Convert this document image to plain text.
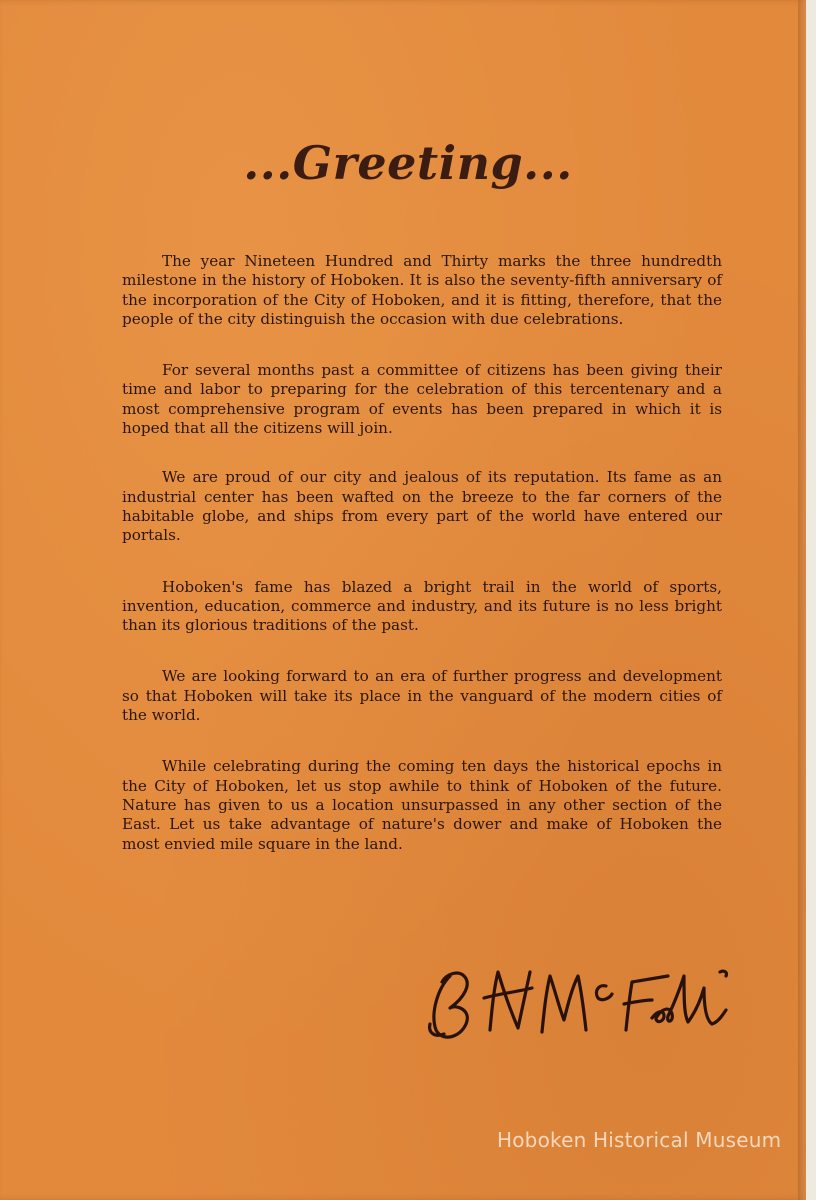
...Greeting...

The year Nineteen Hundred and Thirty marks the three hundredth milestone in the history of Hoboken. It is also the seventy-fifth anniversary of the incorporation of the City of Hoboken, and it is fitting, therefore, that the people of the city distinguish the occasion with due celebrations.

For several months past a committee of citizens has been giving their time and labor to preparing for the celebration of this tercentenary and a most comprehensive program of events has been prepared in which it is hoped that all the citizens will join.

We are proud of our city and jealous of its reputation. Its fame as an industrial center has been wafted on the breeze to the far corners of the habitable globe, and ships from every part of the world have entered our portals.

Hoboken's fame has blazed a bright trail in the world of sports, invention, education, commerce and industry, and its future is no less bright than its glorious traditions of the past.

We are looking forward to an era of further progress and development so that Hoboken will take its place in the vanguard of the modern cities of the world.

While celebrating during the coming ten days the historical epochs in the City of Hoboken, let us stop awhile to think of Hoboken of the future. Nature has given to us a location unsurpassed in any other section of the East. Let us take advantage of nature's dower and make of Hoboken the most envied mile square in the land.

Hoboken Historical Museum
